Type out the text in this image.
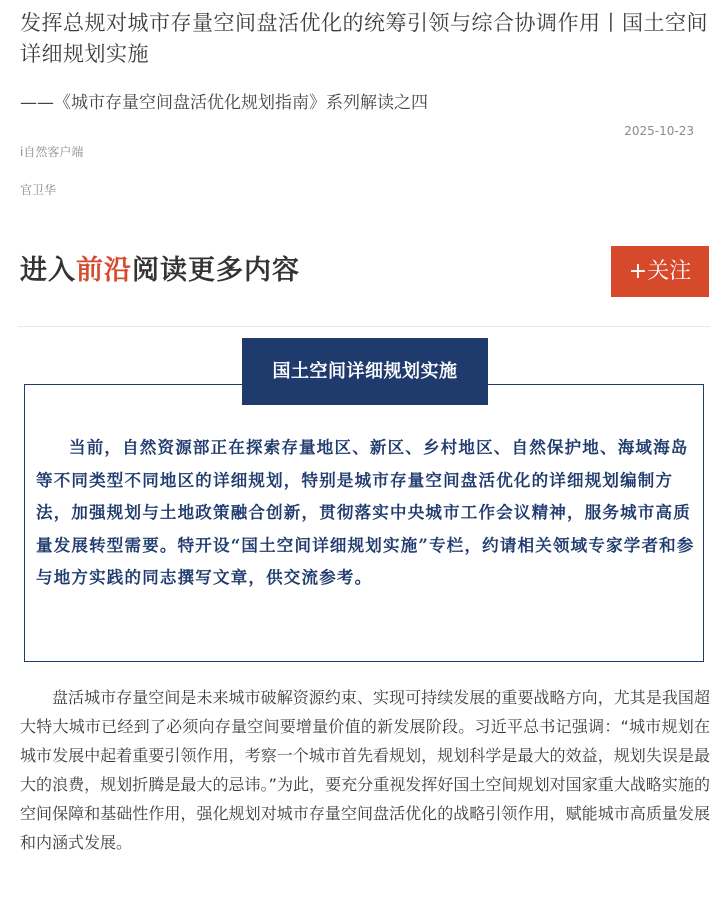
发挥总规对城市存量空间盘活优化的统筹引领与综合协调作用丨国土空间详细规划实施

——《城市存量空间盘活优化规划指南》系列解读之四

2025-10-23
i自然客户端
官卫华
进入前沿阅读更多内容	+关注
国土空间详细规划实施

当前，自然资源部正在探索存量地区、新区、乡村地区、自然保护地、海域海岛等不同类型不同地区的详细规划，特别是城市存量空间盘活优化的详细规划编制方法，加强规划与土地政策融合创新，贯彻落实中央城市工作会议精神，服务城市高质量发展转型需要。特开设“国土空间详细规划实施”专栏，约请相关领域专家学者和参与地方实践的同志撰写文章，供交流参考。

盘活城市存量空间是未来城市破解资源约束、实现可持续发展的重要战略方向，尤其是我国超大特大城市已经到了必须向存量空间要增量价值的新发展阶段。习近平总书记强调：“城市规划在城市发展中起着重要引领作用，考察一个城市首先看规划，规划科学是最大的效益，规划失误是最大的浪费，规划折腾是最大的忌讳。”为此，要充分重视发挥好国土空间规划对国家重大战略实施的空间保障和基础性作用，强化规划对城市存量空间盘活优化的战略引领作用，赋能城市高质量发展和内涵式发展。
